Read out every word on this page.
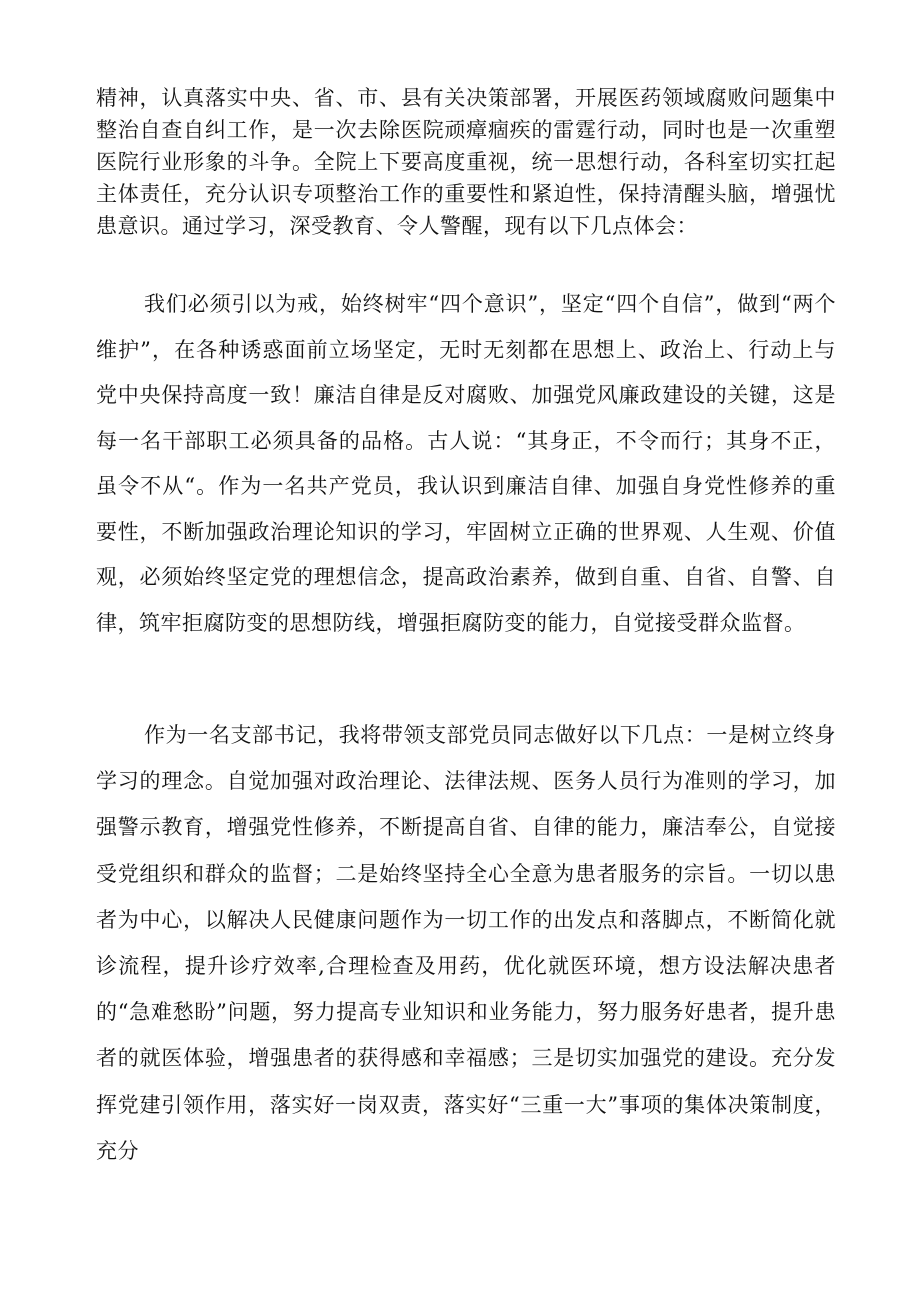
精神，认真落实中央、省、市、县有关决策部署，开展医药领域腐败问题集中整治自查自纠工作，是一次去除医院顽瘴痼疾的雷霆行动，同时也是一次重塑医院行业形象的斗争。全院上下要高度重视，统一思想行动，各科室切实扛起主体责任，充分认识专项整治工作的重要性和紧迫性，保持清醒头脑，增强忧患意识。通过学习，深受教育、令人警醒，现有以下几点体会：

我们必须引以为戒，始终树牢“四个意识”，坚定“四个自信”，做到“两个维护”，在各种诱惑面前立场坚定，无时无刻都在思想上、政治上、行动上与党中央保持高度一致！廉洁自律是反对腐败、加强党风廉政建设的关键，这是每一名干部职工必须具备的品格。古人说：“其身正，不令而行；其身不正，虽令不从“。作为一名共产党员，我认识到廉洁自律、加强自身党性修养的重要性，不断加强政治理论知识的学习，牢固树立正确的世界观、人生观、价值观，必须始终坚定党的理想信念，提高政治素养，做到自重、自省、自警、自律，筑牢拒腐防变的思想防线，增强拒腐防变的能力，自觉接受群众监督。

作为一名支部书记，我将带领支部党员同志做好以下几点：一是树立终身学习的理念。自觉加强对政治理论、法律法规、医务人员行为准则的学习，加强警示教育，增强党性修养，不断提高自省、自律的能力，廉洁奉公，自觉接受党组织和群众的监督；二是始终坚持全心全意为患者服务的宗旨。一切以患者为中心，以解决人民健康问题作为一切工作的出发点和落脚点，不断简化就诊流程，提升诊疗效率,合理检查及用药，优化就医环境，想方设法解决患者的“急难愁盼”问题，努力提高专业知识和业务能力，努力服务好患者，提升患者的就医体验，增强患者的获得感和幸福感；三是切实加强党的建设。充分发挥党建引领作用，落实好一岗双责，落实好“三重一大”事项的集体决策制度，充分
